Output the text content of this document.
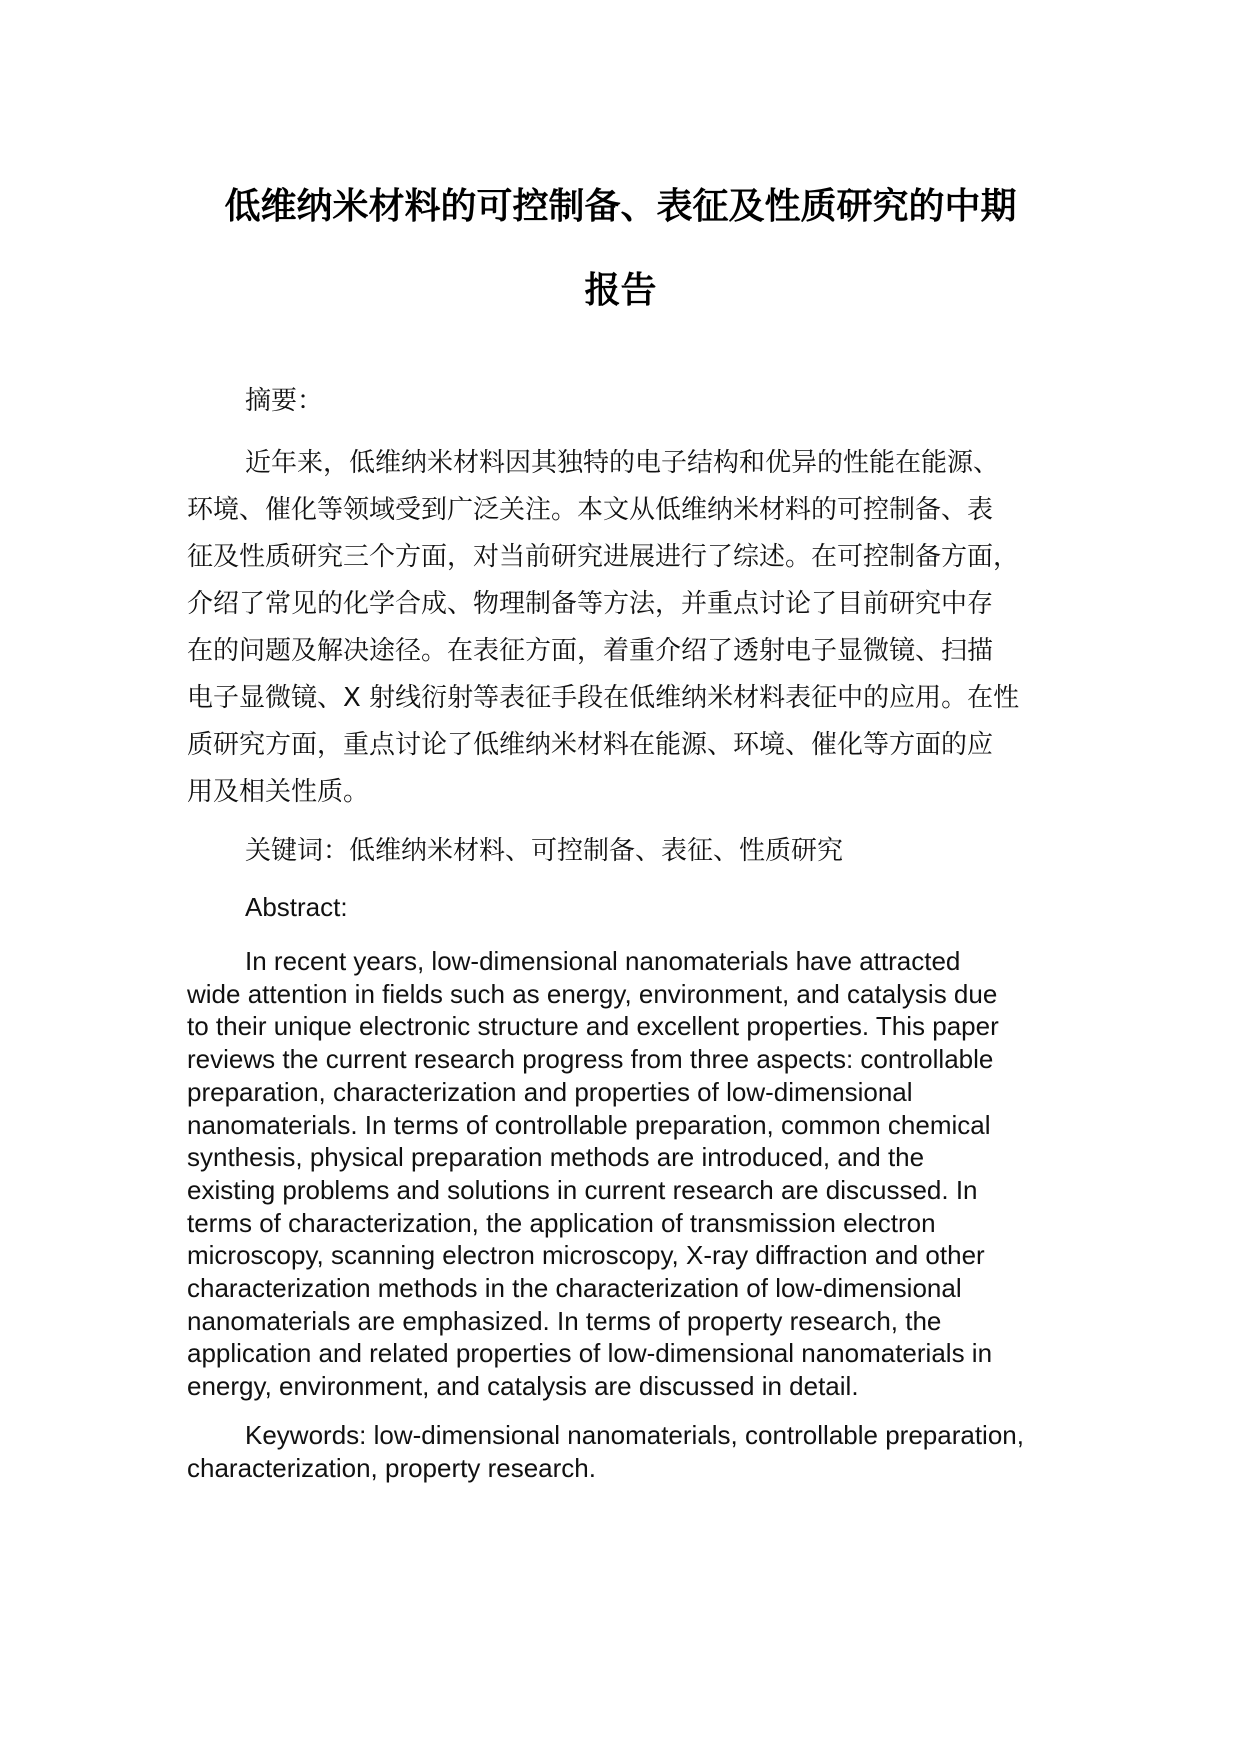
低维纳米材料的可控制备、表征及性质研究的中期
报告
摘要：
近年来，低维纳米材料因其独特的电子结构和优异的性能在能源、
环境、催化等领域受到广泛关注。本文从低维纳米材料的可控制备、表
征及性质研究三个方面，对当前研究进展进行了综述。在可控制备方面，
介绍了常见的化学合成、物理制备等方法，并重点讨论了目前研究中存
在的问题及解决途径。在表征方面，着重介绍了透射电子显微镜、扫描
电子显微镜、X 射线衍射等表征手段在低维纳米材料表征中的应用。在性
质研究方面，重点讨论了低维纳米材料在能源、环境、催化等方面的应
用及相关性质。
关键词：低维纳米材料、可控制备、表征、性质研究
Abstract:
In recent years, low-dimensional nanomaterials have attracted
wide attention in fields such as energy, environment, and catalysis due
to their unique electronic structure and excellent properties. This paper
reviews the current research progress from three aspects: controllable
preparation, characterization and properties of low-dimensional
nanomaterials. In terms of controllable preparation, common chemical
synthesis, physical preparation methods are introduced, and the
existing problems and solutions in current research are discussed. In
terms of characterization, the application of transmission electron
microscopy, scanning electron microscopy, X-ray diffraction and other
characterization methods in the characterization of low-dimensional
nanomaterials are emphasized. In terms of property research, the
application and related properties of low-dimensional nanomaterials in
energy, environment, and catalysis are discussed in detail.
Keywords: low-dimensional nanomaterials, controllable preparation,
characterization, property research.
